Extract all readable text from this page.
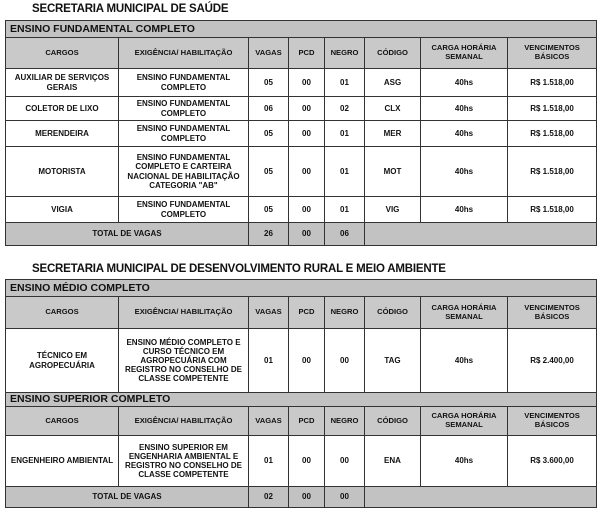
SECRETARIA MUNICIPAL DE SAÚDE
ENSINO FUNDAMENTAL COMPLETO							
CARGOS	EXIGÊNCIA/ HABILITAÇÃO	VAGAS	PCD	NEGRO	CÓDIGO	CARGA HORÁRIA SEMANAL	VENCIMENTOS BÁSICOS
AUXILIAR DE SERVIÇOS GERAIS	ENSINO FUNDAMENTAL COMPLETO	05	00	01	ASG	40hs	R$ 1.518,00
COLETOR DE LIXO	ENSINO FUNDAMENTAL COMPLETO	06	00	02	CLX	40hs	R$ 1.518,00
MERENDEIRA	ENSINO FUNDAMENTAL COMPLETO	05	00	01	MER	40hs	R$ 1.518,00
MOTORISTA	ENSINO FUNDAMENTAL COMPLETO E CARTEIRA NACIONAL DE HABILITAÇÃO CATEGORIA "AB"	05	00	01	MOT	40hs	R$ 1.518,00
VIGIA	ENSINO FUNDAMENTAL COMPLETO	05	00	01	VIG	40hs	R$ 1.518,00
TOTAL DE VAGAS		26	00	06			
SECRETARIA MUNICIPAL DE DESENVOLVIMENTO RURAL E MEIO AMBIENTE
ENSINO MÉDIO COMPLETO							
CARGOS	EXIGÊNCIA/ HABILITAÇÃO	VAGAS	PCD	NEGRO	CÓDIGO	CARGA HORÁRIA SEMANAL	VENCIMENTOS BÁSICOS
TÉCNICO EM AGROPECUÁRIA	ENSINO MÉDIO COMPLETO E CURSO TÉCNICO EM AGROPECUÁRIA COM REGISTRO NO CONSELHO DE CLASSE COMPETENTE	01	00	00	TAG	40hs	R$ 2.400,00
ENSINO SUPERIOR COMPLETO							
CARGOS	EXIGÊNCIA/ HABILITAÇÃO	VAGAS	PCD	NEGRO	CÓDIGO	CARGA HORÁRIA SEMANAL	VENCIMENTOS BÁSICOS
ENGENHEIRO AMBIENTAL	ENSINO SUPERIOR EM ENGENHARIA AMBIENTAL E REGISTRO NO CONSELHO DE CLASSE COMPETENTE	01	00	00	ENA	40hs	R$ 3.600,00
TOTAL DE VAGAS		02	00	00			
